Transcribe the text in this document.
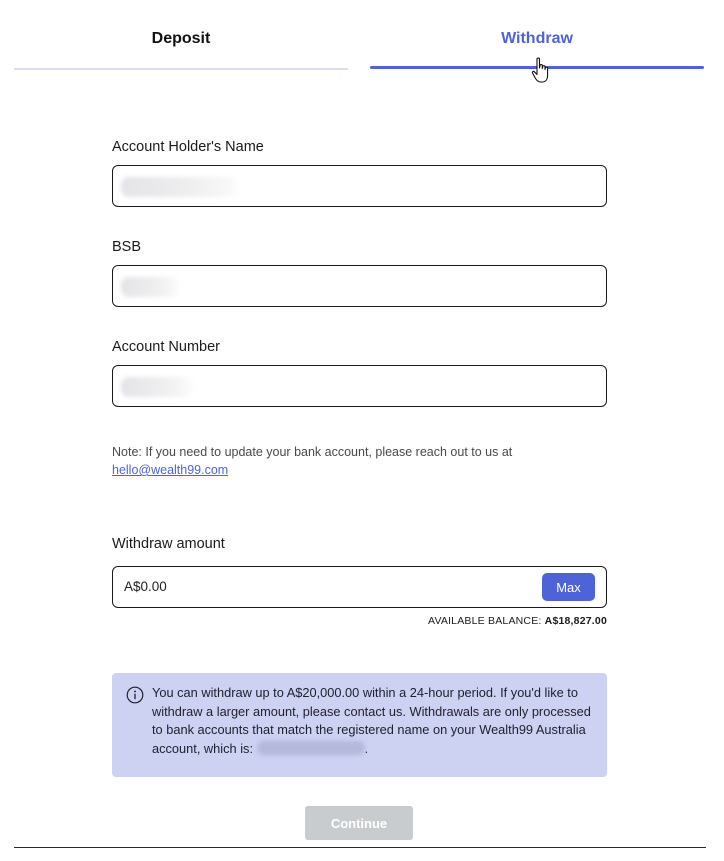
Deposit	Withdraw
Account Holder's Name
BSB
Account Number
Note: If you need to update your bank account, please reach out to us at
hello@wealth99.com
Withdraw amount
A$0.00	Max
AVAILABLE BALANCE: A$18,827.00
You can withdraw up to A$20,000.00 within a 24-hour period. If you'd like to withdraw a larger amount, please contact us. Withdrawals are only processed to bank accounts that match the registered name on your Wealth99 Australia account, which is:	.
Continue
